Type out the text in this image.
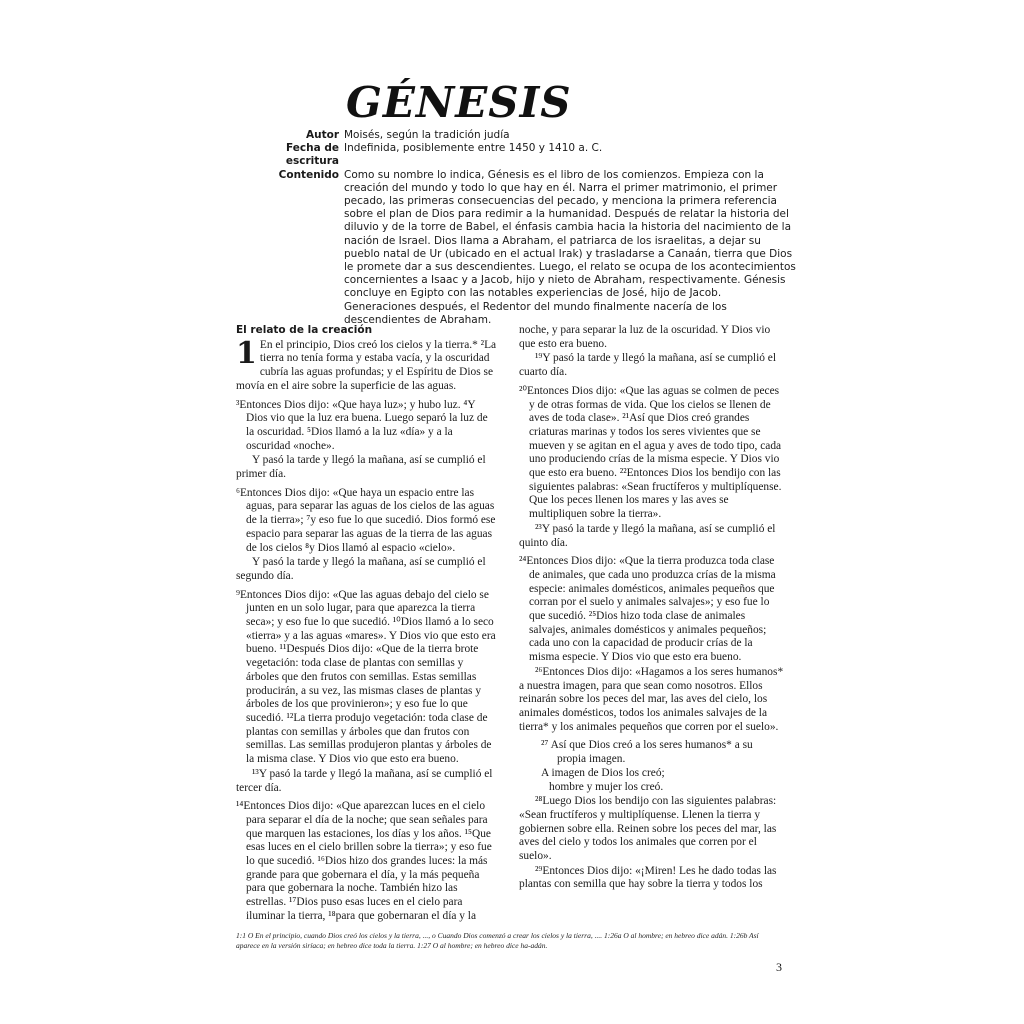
GÉNESIS
Autor Moisés, según la tradición judía
Fecha de escritura
Indefinida, posiblemente entre 1450 y 1410 a. C.
Contenido Como su nombre lo indica, Génesis es el libro de los comienzos. Empieza con la creación del mundo y todo lo que hay en él. Narra el primer matrimonio, el primer pecado, las primeras consecuencias del pecado, y menciona la primera referencia sobre el plan de Dios para redimir a la humanidad. Después de relatar la historia del diluvio y de la torre de Babel, el énfasis cambia hacia la historia del nacimiento de la nación de Israel. Dios llama a Abraham, el patriarca de los israelitas, a dejar su pueblo natal de Ur (ubicado en el actual Irak) y trasladarse a Canaán, tierra que Dios le promete dar a sus descendientes. Luego, el relato se ocupa de los acontecimientos concernientes a Isaac y a Jacob, hijo y nieto de Abraham, respectivamente. Génesis concluye en Egipto con las notables experiencias de José, hijo de Jacob. Generaciones después, el Redentor del mundo finalmente nacería de los descendientes de Abraham.
El relato de la creación

1 En el principio, Dios creó los cielos y la tierra.* ²La tierra no tenía forma y estaba vacía, y la oscuridad cubría las aguas profundas; y el Espíritu de Dios se movía en el aire sobre la superficie de las aguas.

³Entonces Dios dijo: «Que haya luz»; y hubo luz. ⁴Y Dios vio que la luz era buena. Luego separó la luz de la oscuridad. ⁵Dios llamó a la luz «día» y a la oscuridad «noche».

Y pasó la tarde y llegó la mañana, así se cumplió el primer día.

⁶Entonces Dios dijo: «Que haya un espacio entre las aguas, para separar las aguas de los cielos de las aguas de la tierra»; ⁷y eso fue lo que sucedió. Dios formó ese espacio para separar las aguas de la tierra de las aguas de los cielos ⁸y Dios llamó al espacio «cielo».

Y pasó la tarde y llegó la mañana, así se cumplió el segundo día.

⁹Entonces Dios dijo: «Que las aguas debajo del cielo se junten en un solo lugar, para que aparezca la tierra seca»; y eso fue lo que sucedió. ¹⁰Dios llamó a lo seco «tierra» y a las aguas «mares». Y Dios vio que esto era bueno. ¹¹Después Dios dijo: «Que de la tierra brote vegetación: toda clase de plantas con semillas y árboles que den frutos con semillas. Estas semillas producirán, a su vez, las mismas clases de plantas y árboles de los que provinieron»; y eso fue lo que sucedió. ¹²La tierra produjo vegetación: toda clase de plantas con semillas y árboles que dan frutos con semillas. Las semillas produjeron plantas y árboles de la misma clase. Y Dios vio que esto era bueno.

¹³Y pasó la tarde y llegó la mañana, así se cumplió el tercer día.

¹⁴Entonces Dios dijo: «Que aparezcan luces en el cielo para separar el día de la noche; que sean señales para que marquen las estaciones, los días y los años. ¹⁵Que esas luces en el cielo brillen sobre la tierra»; y eso fue lo que sucedió. ¹⁶Dios hizo dos grandes luces: la más grande para que gobernara el día, y la más pequeña para que gobernara la noche. También hizo las estrellas. ¹⁷Dios puso esas luces en el cielo para iluminar la tierra, ¹⁸para que gobernaran el día y la

noche, y para separar la luz de la oscuridad. Y Dios vio que esto era bueno.

¹⁹Y pasó la tarde y llegó la mañana, así se cumplió el cuarto día.

²⁰Entonces Dios dijo: «Que las aguas se colmen de peces y de otras formas de vida. Que los cielos se llenen de aves de toda clase». ²¹Así que Dios creó grandes criaturas marinas y todos los seres vivientes que se mueven y se agitan en el agua y aves de todo tipo, cada uno produciendo crías de la misma especie. Y Dios vio que esto era bueno. ²²Entonces Dios los bendijo con las siguientes palabras: «Sean fructíferos y multiplíquense. Que los peces llenen los mares y las aves se multipliquen sobre la tierra».

²³Y pasó la tarde y llegó la mañana, así se cumplió el quinto día.

²⁴Entonces Dios dijo: «Que la tierra produzca toda clase de animales, que cada uno produzca crías de la misma especie: animales domésticos, animales pequeños que corran por el suelo y animales salvajes»; y eso fue lo que sucedió. ²⁵Dios hizo toda clase de animales salvajes, animales domésticos y animales pequeños; cada uno con la capacidad de producir crías de la misma especie. Y Dios vio que esto era bueno.

²⁶Entonces Dios dijo: «Hagamos a los seres humanos* a nuestra imagen, para que sean como nosotros. Ellos reinarán sobre los peces del mar, las aves del cielo, los animales domésticos, todos los animales salvajes de la tierra* y los animales pequeños que corren por el suelo».

²⁷ Así que Dios creó a los seres humanos* a su
propia imagen.
A imagen de Dios los creó;
hombre y mujer los creó.

²⁸Luego Dios los bendijo con las siguientes palabras: «Sean fructíferos y multiplíquense. Llenen la tierra y gobiernen sobre ella. Reinen sobre los peces del mar, las aves del cielo y todos los animales que corren por el suelo».

²⁹Entonces Dios dijo: «¡Miren! Les he dado todas las plantas con semilla que hay sobre la tierra y todos los

1:1 O En el principio, cuando Dios creó los cielos y la tierra, ..., o Cuando Dios comenzó a crear los cielos y la tierra, .... 1:26a O al hombre; en hebreo dice adán. 1:26b Así aparece en la versión siríaca; en hebreo dice toda la tierra. 1:27 O al hombre; en hebreo dice ha-adán.
3
